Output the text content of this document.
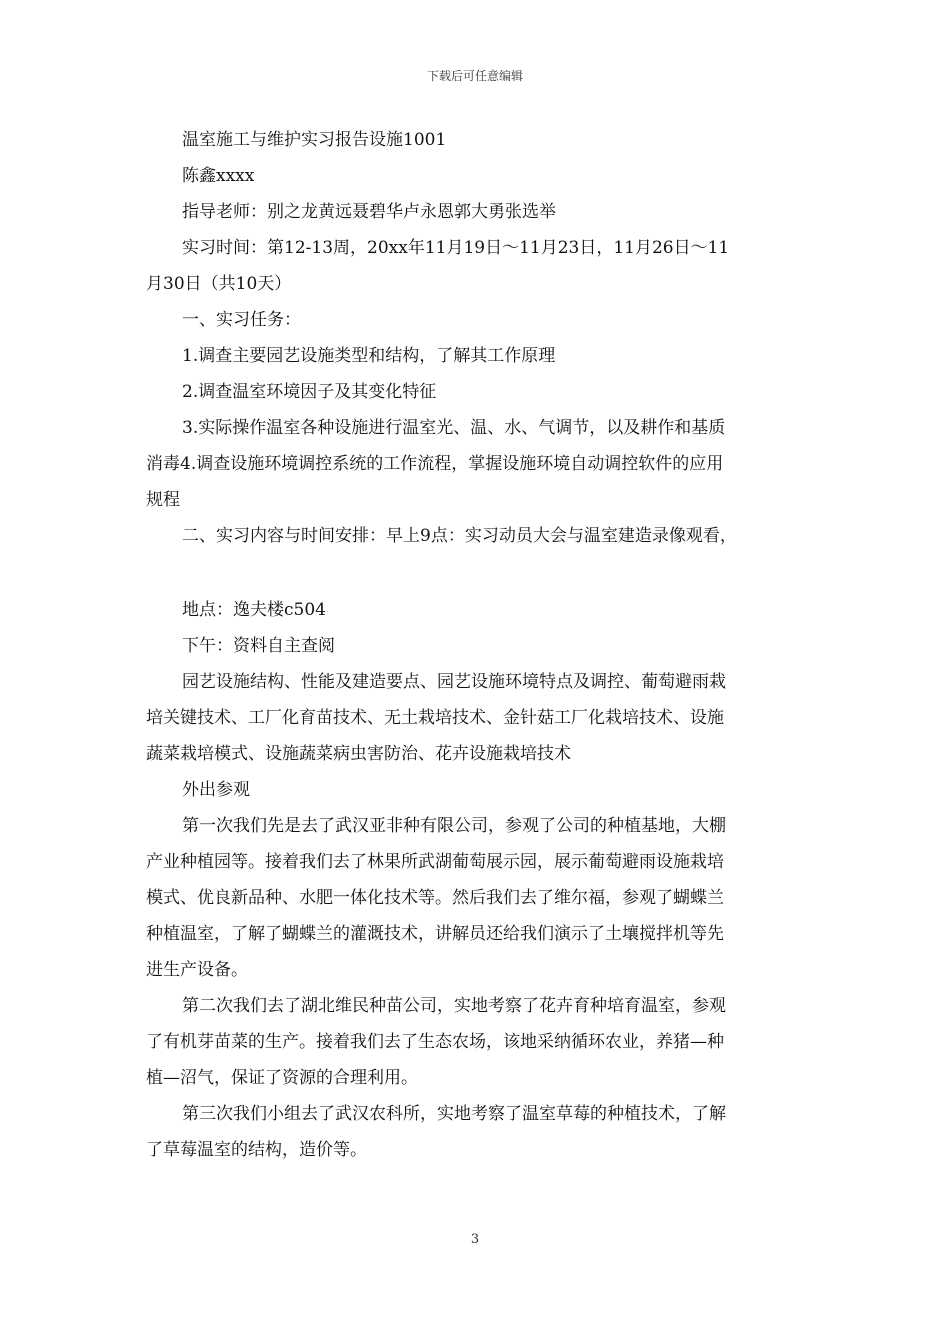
下载后可任意编辑
温室施工与维护实习报告设施1001
陈鑫xxxx
指导老师：别之龙黄远聂碧华卢永恩郭大勇张选举
实习时间：第12-13周，20xx年11月19日～11月23日，11月26日～11
月30日（共10天）
一、实习任务：
1.调查主要园艺设施类型和结构，了解其工作原理
2.调查温室环境因子及其变化特征
3.实际操作温室各种设施进行温室光、温、水、气调节，以及耕作和基质
消毒4.调查设施环境调控系统的工作流程，掌握设施环境自动调控软件的应用
规程
二、实习内容与时间安排：早上9点：实习动员大会与温室建造录像观看，
地点：逸夫楼c504
下午：资料自主查阅
园艺设施结构、性能及建造要点、园艺设施环境特点及调控、葡萄避雨栽
培关键技术、工厂化育苗技术、无土栽培技术、金针菇工厂化栽培技术、设施
蔬菜栽培模式、设施蔬菜病虫害防治、花卉设施栽培技术
外出参观
第一次我们先是去了武汉亚非种有限公司，参观了公司的种植基地，大棚
产业种植园等。接着我们去了林果所武湖葡萄展示园，展示葡萄避雨设施栽培
模式、优良新品种、水肥一体化技术等。然后我们去了维尔福，参观了蝴蝶兰
种植温室，了解了蝴蝶兰的灌溉技术，讲解员还给我们演示了土壤搅拌机等先
进生产设备。
第二次我们去了湖北维民种苗公司，实地考察了花卉育种培育温室，参观
了有机芽苗菜的生产。接着我们去了生态农场，该地采纳循环农业，养猪—种
植—沼气，保证了资源的合理利用。
第三次我们小组去了武汉农科所，实地考察了温室草莓的种植技术，了解
了草莓温室的结构，造价等。
3
